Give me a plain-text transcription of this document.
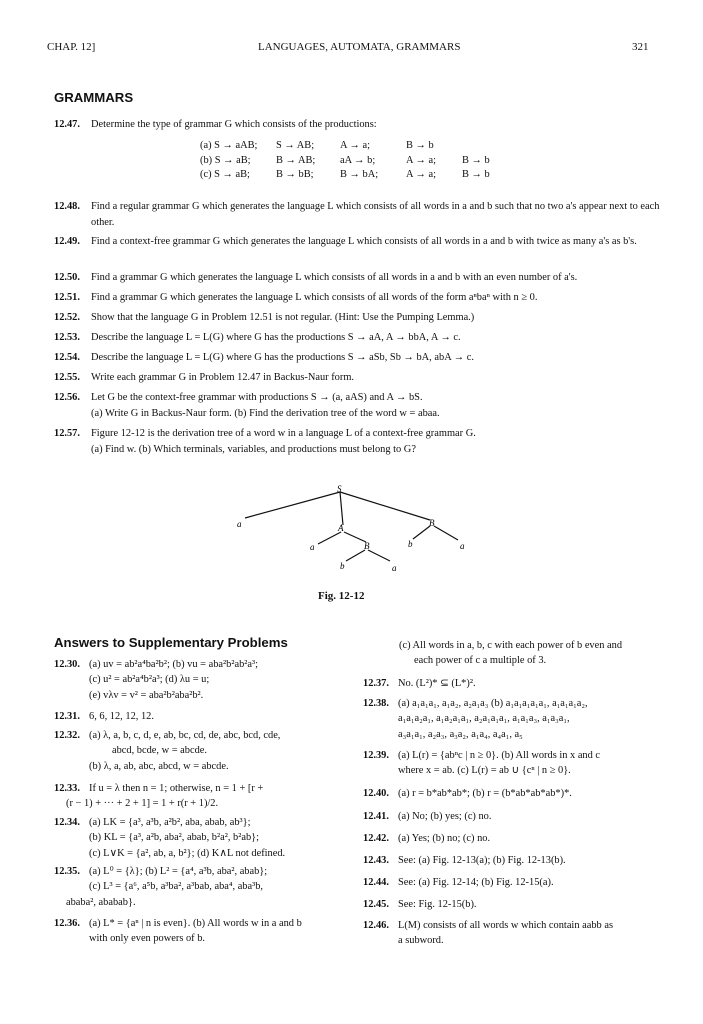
CHAP. 12]	LANGUAGES, AUTOMATA, GRAMMARS	321
GRAMMARS
12.47. Determine the type of grammar G which consists of the productions:
(a) S → aAB;	S → AB;	A → a;	B → b	
(b) S → aB;	B → AB;	aA → b;	A → a;	B → b
(c) S → aB;	B → bB;	B → bA;	A → a;	B → b
12.48. Find a regular grammar G which generates the language L which consists of all words in a and b such that no two a's appear next to each other.
12.49. Find a context-free grammar G which generates the language L which consists of all words in a and b with twice as many a's as b's.
12.50. Find a grammar G which generates the language L which consists of all words in a and b with an even number of a's.
12.51. Find a grammar G which generates the language L which consists of all words of the form aⁿbaⁿ with n ≥ 0.
12.52. Show that the language G in Problem 12.51 is not regular. (Hint: Use the Pumping Lemma.)
12.53. Describe the language L = L(G) where G has the productions S → aA, A → bbA, A → c.
12.54. Describe the language L = L(G) where G has the productions S → aSb, Sb → bA, abA → c.
12.55. Write each grammar G in Problem 12.47 in Backus-Naur form.
12.56. Let G be the context-free grammar with productions S → (a, aAS) and A → bS.
(a) Write G in Backus-Naur form. (b) Find the derivation tree of the word w = abaa.
12.57. Figure 12-12 is the derivation tree of a word w in a language L of a context-free grammar G.
(a) Find w. (b) Which terminals, variables, and productions must belong to G?
S
a	A	B
a	B	b	a
b	a
Fig. 12-12
Answers to Supplementary Problems
12.30. (a) uv = ab²a⁴ba²b²; (b) vu = aba²b²ab²a³;
(c) u² = ab²a⁴b²a³; (d) λu = u;
(e) vλv = v² = aba²b²aba²b².
12.31. 6, 6, 12, 12, 12.
12.32. (a) λ, a, b, c, d, e, ab, bc, cd, de, abc, bcd, cde,
abcd, bcde, w = abcde.
(b) λ, a, ab, abc, abcd, w = abcde.
12.33. If u = λ then n = 1; otherwise, n = 1 + [r +
(r − 1) + ··· + 2 + 1] = 1 + r(r + 1)/2.
12.34. (a) LK = {a³, a³b, a²b², aba, abab, ab³};
(b) KL = {a³, a²b, aba², abab, b²a², b²ab};
(c) L∨K = {a², ab, a, b²}; (d) K∧L not defined.
12.35. (a) L⁰ = {λ}; (b) L² = {a⁴, a³b, aba², abab};
(c) L³ = {a⁶, a⁵b, a³ba², a³bab, aba⁴, aba³b,
ababa², ababab}.
12.36. (a) L* = {aⁿ | n is even}. (b) All words w in a and b
with only even powers of b.
(c) All words in a, b, c with each power of b even and
each power of c a multiple of 3.
12.37. No. (L²)* ⊆ (L*)².
12.38. (a) a₁a₁a₁, a₁a₂, a₂a₁a₃ (b) a₁a₁a₁a₁a₁, a₁a₁a₁a₂,
a₁a₁a₂a₁, a₁a₂a₁a₁, a₂a₁a₁a₁, a₁a₁a₃, a₁a₃a₁,
a₃a₁a₁, a₂a₃, a₃a₂, a₁a₄, a₄a₁, a₅
12.39. (a) L(r) = {abⁿc | n ≥ 0}. (b) All words in x and c
where x = ab. (c) L(r) = ab ∪ {cⁿ | n ≥ 0}.
12.40. (a) r = b*ab*ab*; (b) r = (b*ab*ab*ab*)*.
12.41. (a) No; (b) yes; (c) no.
12.42. (a) Yes; (b) no; (c) no.
12.43. See: (a) Fig. 12-13(a); (b) Fig. 12-13(b).
12.44. See: (a) Fig. 12-14; (b) Fig. 12-15(a).
12.45. See: Fig. 12-15(b).
12.46. L(M) consists of all words w which contain aabb as
a subword.
